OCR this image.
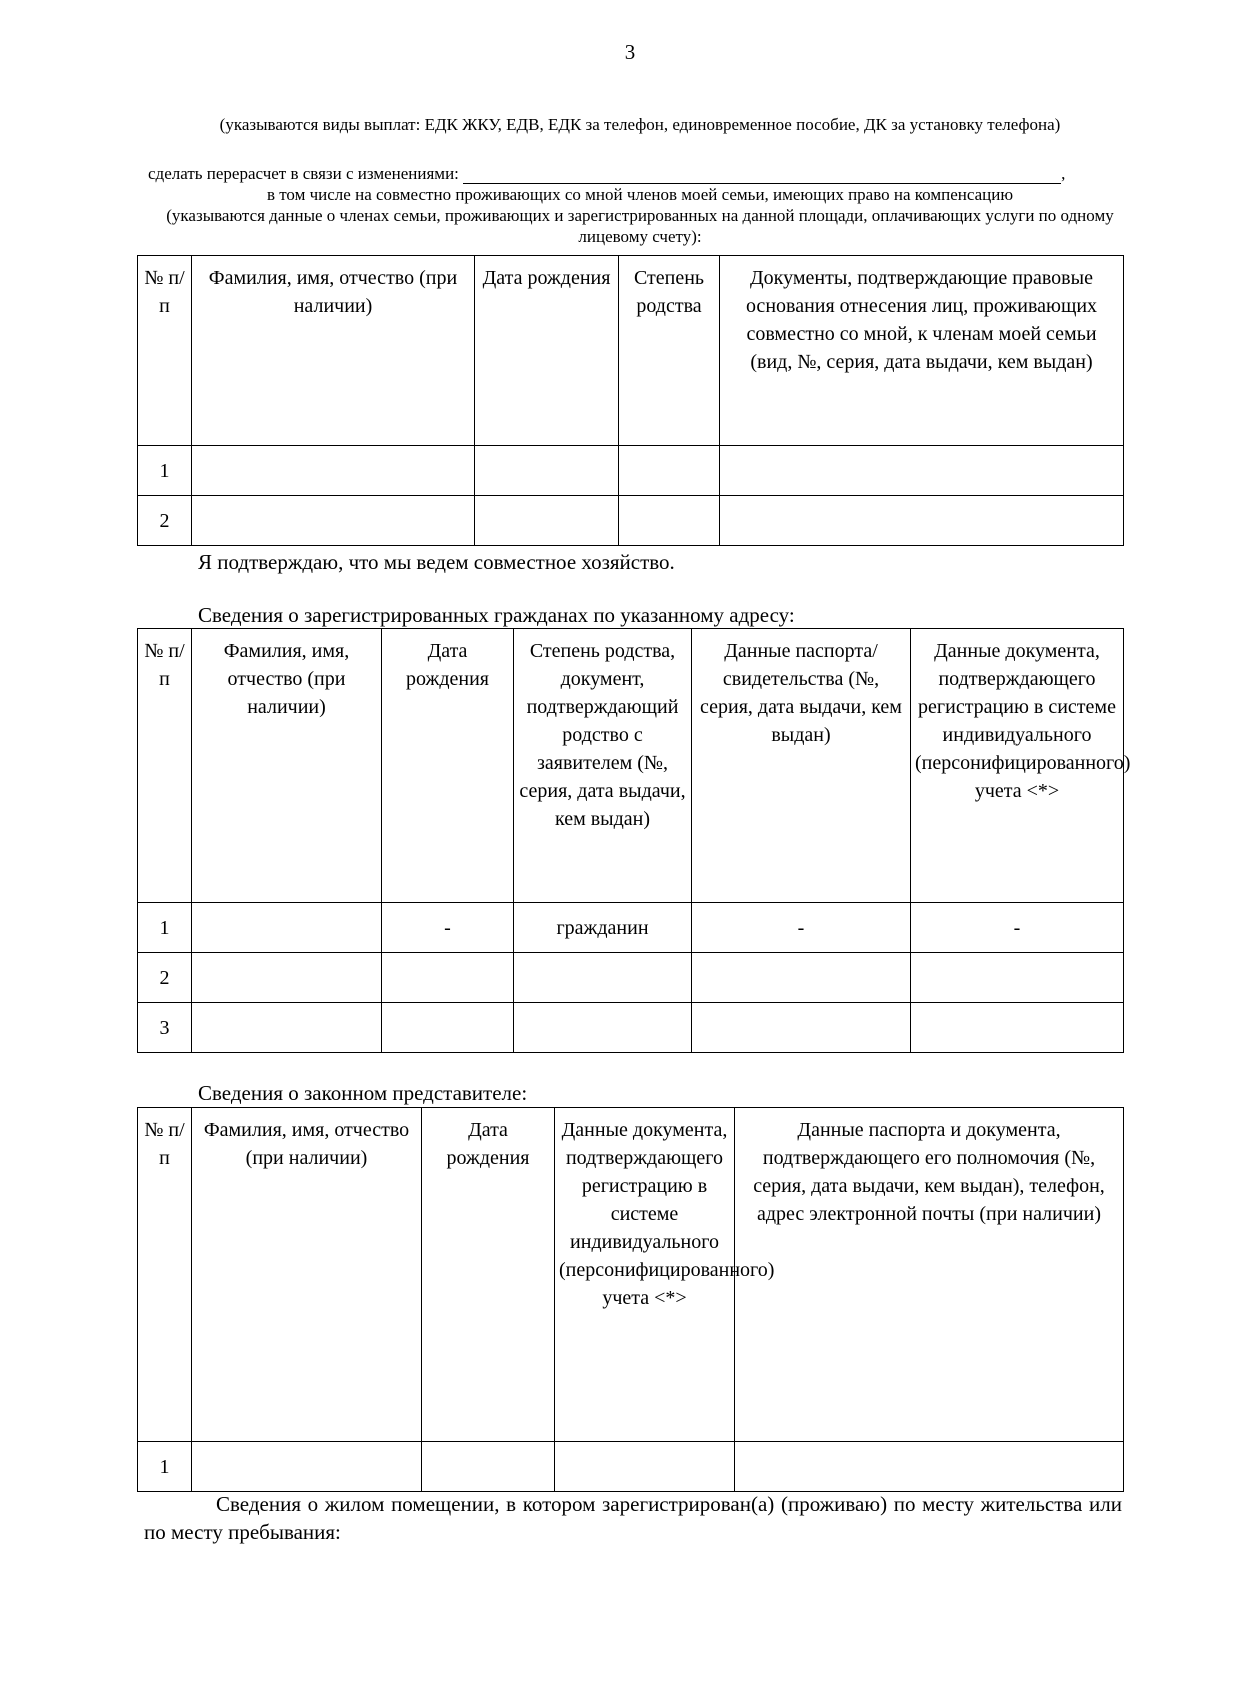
3
(указываются виды выплат: ЕДК ЖКУ, ЕДВ, ЕДК за телефон, единовременное пособие, ДК за установку телефона)
сделать перерасчет в связи с изменениями:	,
в том числе на совместно проживающих со мной членов моей семьи, имеющих право на компенсацию
(указываются данные о членах семьи, проживающих и зарегистрированных на данной площади, оплачивающих услуги по одному лицевому счету):
№ п/п	Фамилия, имя, отчество (при наличии)	Дата рождения	Степень родства	Документы, подтверждающие правовые основания отнесения лиц, проживающих совместно со мной, к членам моей семьи (вид, №, серия, дата выдачи, кем выдан)
1				
2				
Я подтверждаю, что мы ведем совместное хозяйство.
Сведения о зарегистрированных гражданах по указанному адресу:
№ п/п	Фамилия, имя, отчество (при наличии)	Дата рождения	Степень родства, документ, подтверждающий родство с заявителем (№, серия, дата выдачи, кем выдан)	Данные паспорта/свидетельства (№, серия, дата выдачи, кем выдан)	Данные документа, подтверждающего регистрацию в системе индивидуального (персонифицированного) учета <*>
1		-	гражданин	-	-
2					
3					
Сведения о законном представителе:
№ п/п	Фамилия, имя, отчество (при наличии)	Дата рождения	Данные документа, подтверждающего регистрацию в системе индивидуального (персонифицированного) учета <*>	Данные паспорта и документа, подтверждающего его полномочия (№, серия, дата выдачи, кем выдан), телефон, адрес электронной почты (при наличии)
1				
Сведения о жилом помещении, в котором зарегистрирован(а) (проживаю) по месту жительства или по месту пребывания:
